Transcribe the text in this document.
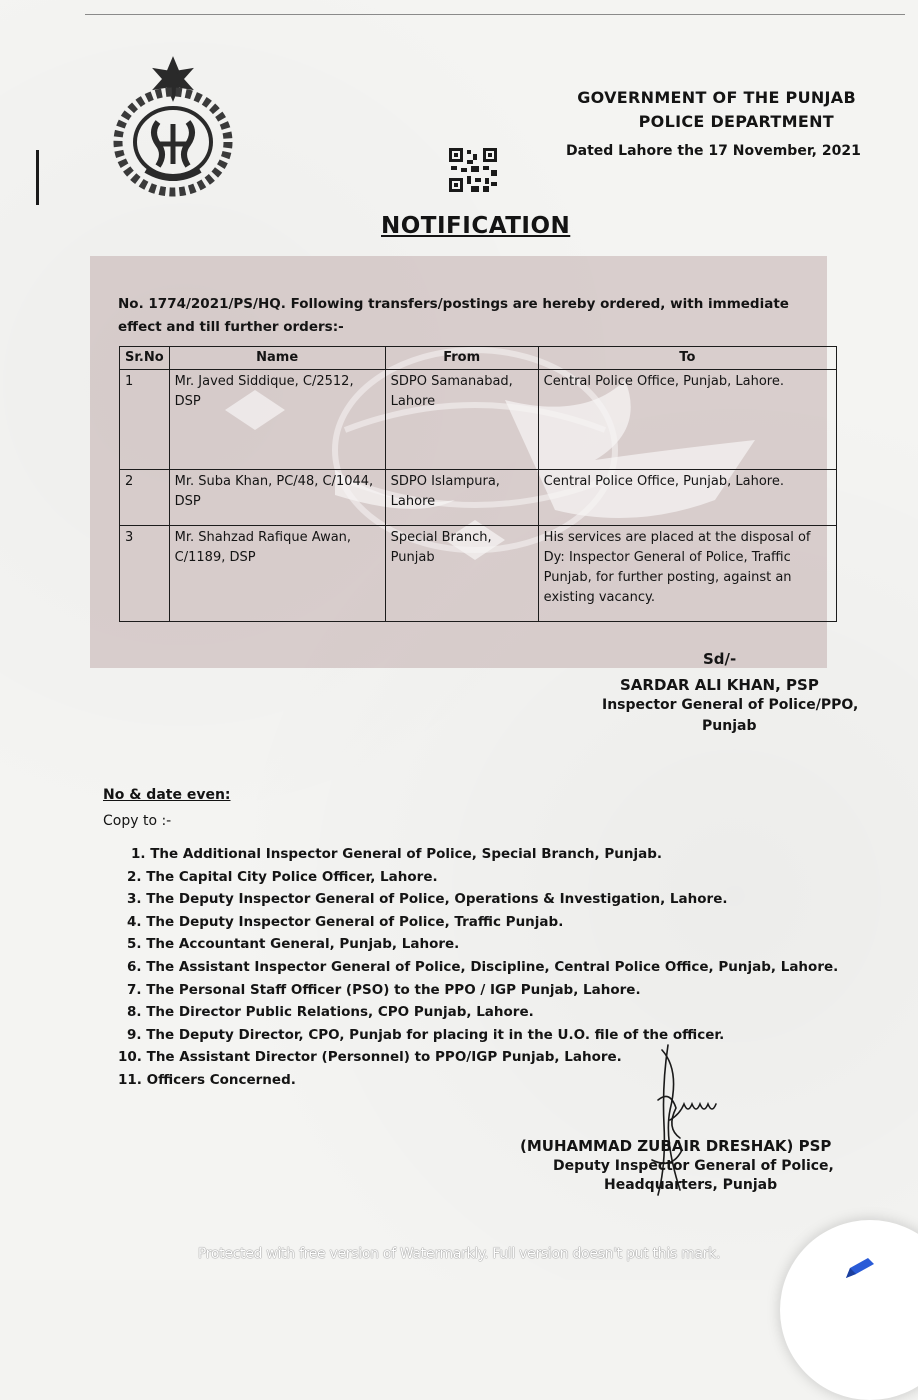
GOVERNMENT OF THE PUNJAB
POLICE DEPARTMENT
Dated Lahore the 17 November, 2021
NOTIFICATION
No. 1774/2021/PS/HQ. Following transfers/postings are hereby ordered, with immediate effect and till further orders:-
Sr.No	Name	From	To
1	Mr. Javed Siddique, C/2512, DSP	SDPO Samanabad, Lahore	Central Police Office, Punjab, Lahore.
2	Mr. Suba Khan, PC/48, C/1044, DSP	SDPO Islampura, Lahore	Central Police Office, Punjab, Lahore.
3	Mr. Shahzad Rafique Awan, C/1189, DSP	Special Branch, Punjab	His services are placed at the disposal of Dy: Inspector General of Police, Traffic Punjab, for further posting, against an existing vacancy.
Sd/-
SARDAR ALI KHAN, PSP
Inspector General of Police/PPO,
Punjab
No & date even:
Copy to :-
1. The Additional Inspector General of Police, Special Branch, Punjab.
2. The Capital City Police Officer, Lahore.
3. The Deputy Inspector General of Police, Operations & Investigation, Lahore.
4. The Deputy Inspector General of Police, Traffic Punjab.
5. The Accountant General, Punjab, Lahore.
6. The Assistant Inspector General of Police, Discipline, Central Police Office, Punjab, Lahore.
7. The Personal Staff Officer (PSO) to the PPO / IGP Punjab, Lahore.
8. The Director Public Relations, CPO Punjab, Lahore.
9. The Deputy Director, CPO, Punjab for placing it in the U.O. file of the officer.
10. The Assistant Director (Personnel) to PPO/IGP Punjab, Lahore.
11. Officers Concerned.
(MUHAMMAD ZUBAIR DRESHAK) PSP
Deputy Inspector General of Police,
Headquarters, Punjab
Protected with free version of Watermarkly. Full version doesn't put this mark.
